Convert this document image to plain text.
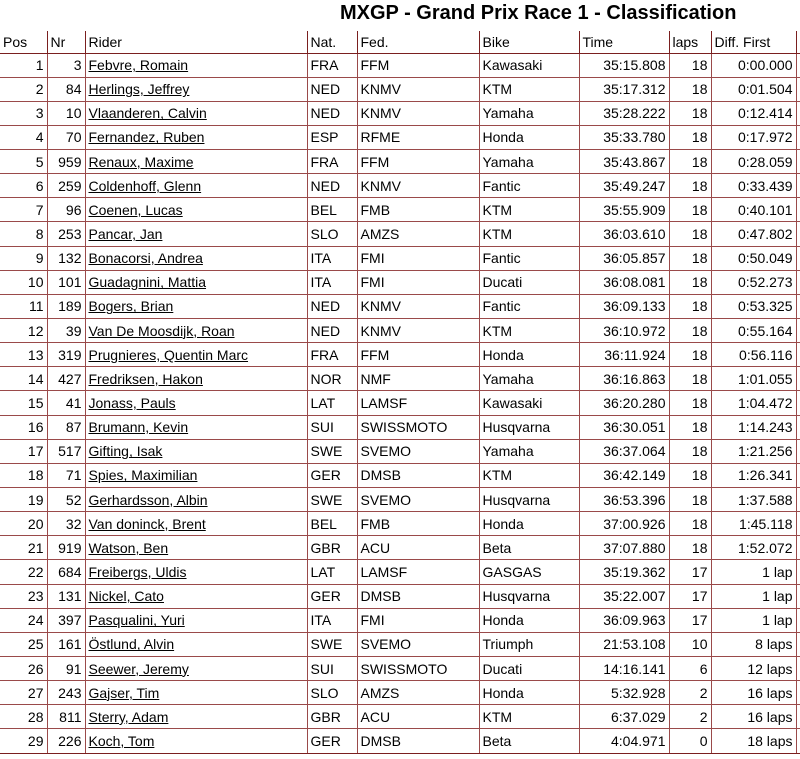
MXGP - Grand Prix Race 1 - Classification
Pos	Nr	Rider	Nat.	Fed.	Bike	Time	laps	Diff. First	
1	3	Febvre, Romain	FRA	FFM	Kawasaki	35:15.808	18	0:00.000	
2	84	Herlings, Jeffrey	NED	KNMV	KTM	35:17.312	18	0:01.504	
3	10	Vlaanderen, Calvin	NED	KNMV	Yamaha	35:28.222	18	0:12.414	
4	70	Fernandez, Ruben	ESP	RFME	Honda	35:33.780	18	0:17.972	
5	959	Renaux, Maxime	FRA	FFM	Yamaha	35:43.867	18	0:28.059	
6	259	Coldenhoff, Glenn	NED	KNMV	Fantic	35:49.247	18	0:33.439	
7	96	Coenen, Lucas	BEL	FMB	KTM	35:55.909	18	0:40.101	
8	253	Pancar, Jan	SLO	AMZS	KTM	36:03.610	18	0:47.802	
9	132	Bonacorsi, Andrea	ITA	FMI	Fantic	36:05.857	18	0:50.049	
10	101	Guadagnini, Mattia	ITA	FMI	Ducati	36:08.081	18	0:52.273	
11	189	Bogers, Brian	NED	KNMV	Fantic	36:09.133	18	0:53.325	
12	39	Van De Moosdijk, Roan	NED	KNMV	KTM	36:10.972	18	0:55.164	
13	319	Prugnieres, Quentin Marc	FRA	FFM	Honda	36:11.924	18	0:56.116	
14	427	Fredriksen, Hakon	NOR	NMF	Yamaha	36:16.863	18	1:01.055	
15	41	Jonass, Pauls	LAT	LAMSF	Kawasaki	36:20.280	18	1:04.472	
16	87	Brumann, Kevin	SUI	SWISSMOTO	Husqvarna	36:30.051	18	1:14.243	
17	517	Gifting, Isak	SWE	SVEMO	Yamaha	36:37.064	18	1:21.256	
18	71	Spies, Maximilian	GER	DMSB	KTM	36:42.149	18	1:26.341	
19	52	Gerhardsson, Albin	SWE	SVEMO	Husqvarna	36:53.396	18	1:37.588	
20	32	Van doninck, Brent	BEL	FMB	Honda	37:00.926	18	1:45.118	
21	919	Watson, Ben	GBR	ACU	Beta	37:07.880	18	1:52.072	
22	684	Freibergs, Uldis	LAT	LAMSF	GASGAS	35:19.362	17	1 lap	
23	131	Nickel, Cato	GER	DMSB	Husqvarna	35:22.007	17	1 lap	
24	397	Pasqualini, Yuri	ITA	FMI	Honda	36:09.963	17	1 lap	
25	161	Östlund, Alvin	SWE	SVEMO	Triumph	21:53.108	10	8 laps	
26	91	Seewer, Jeremy	SUI	SWISSMOTO	Ducati	14:16.141	6	12 laps	
27	243	Gajser, Tim	SLO	AMZS	Honda	5:32.928	2	16 laps	
28	811	Sterry, Adam	GBR	ACU	KTM	6:37.029	2	16 laps	
29	226	Koch, Tom	GER	DMSB	Beta	4:04.971	0	18 laps	
